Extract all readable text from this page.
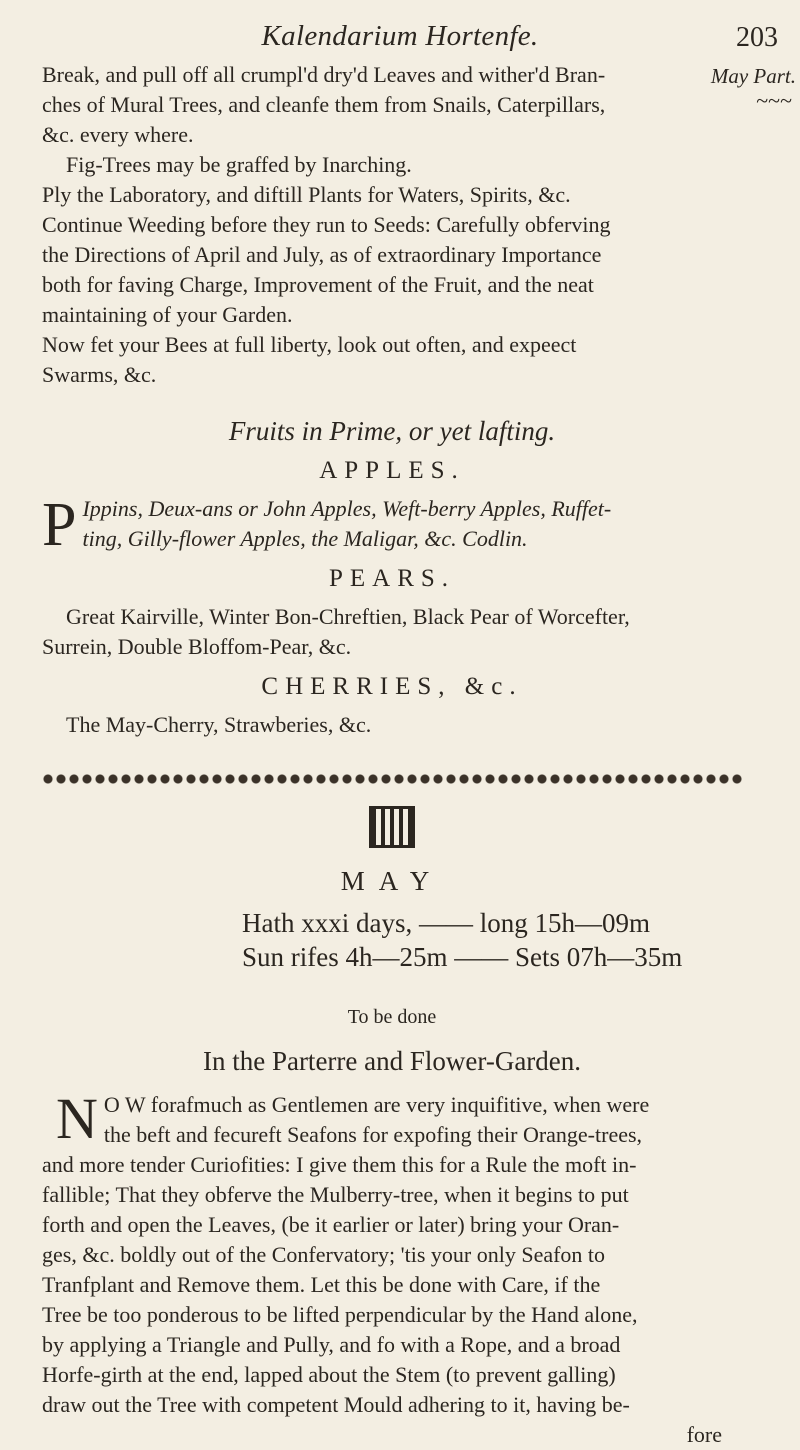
Kalendarium Hortenfe.	203
May Part.
~~~
Break, and pull off all crumpl'd dry'd Leaves and wither'd Bran-
ches of Mural Trees, and cleanfe them from Snails, Caterpillars,
&c. every where.
Fig-Trees may be graffed by Inarching.
Ply the Laboratory, and diftill Plants for Waters, Spirits, &c.
Continue Weeding before they run to Seeds: Carefully obferving
the Directions of April and July, as of extraordinary Importance
both for faving Charge, Improvement of the Fruit, and the neat
maintaining of your Garden.
Now fet your Bees at full liberty, look out often, and expeect
Swarms, &c.
Fruits in Prime, or yet lafting.
APPLES.
P Ippins, Deux-ans or John Apples, Weft-berry Apples, Ruffet-
ting, Gilly-flower Apples, the Maligar, &c. Codlin.
PEARS.
Great Kairville, Winter Bon-Chreftien, Black Pear of Worcefter,
Surrein, Double Bloffom-Pear, &c.
CHERRIES, &c.
The May-Cherry, Strawberies, &c.
MAY
Hath xxxi days, —— long 15h—09m
Sun rifes 4h—25m —— Sets 07h—35m
To be done
In the Parterre and Flower-Garden.
N O W forafmuch as Gentlemen are very inquifitive, when were
the beft and fecureft Seafons for expofing their Orange-trees,
and more tender Curiofities: I give them this for a Rule the moft in-
fallible; That they obferve the Mulberry-tree, when it begins to put
forth and open the Leaves, (be it earlier or later) bring your Oran-
ges, &c. boldly out of the Confervatory; 'tis your only Seafon to
Tranfplant and Remove them. Let this be done with Care, if the
Tree be too ponderous to be lifted perpendicular by the Hand alone,
by applying a Triangle and Pully, and fo with a Rope, and a broad
Horfe-girth at the end, lapped about the Stem (to prevent galling)
draw out the Tree with competent Mould adhering to it, having be-
fore
